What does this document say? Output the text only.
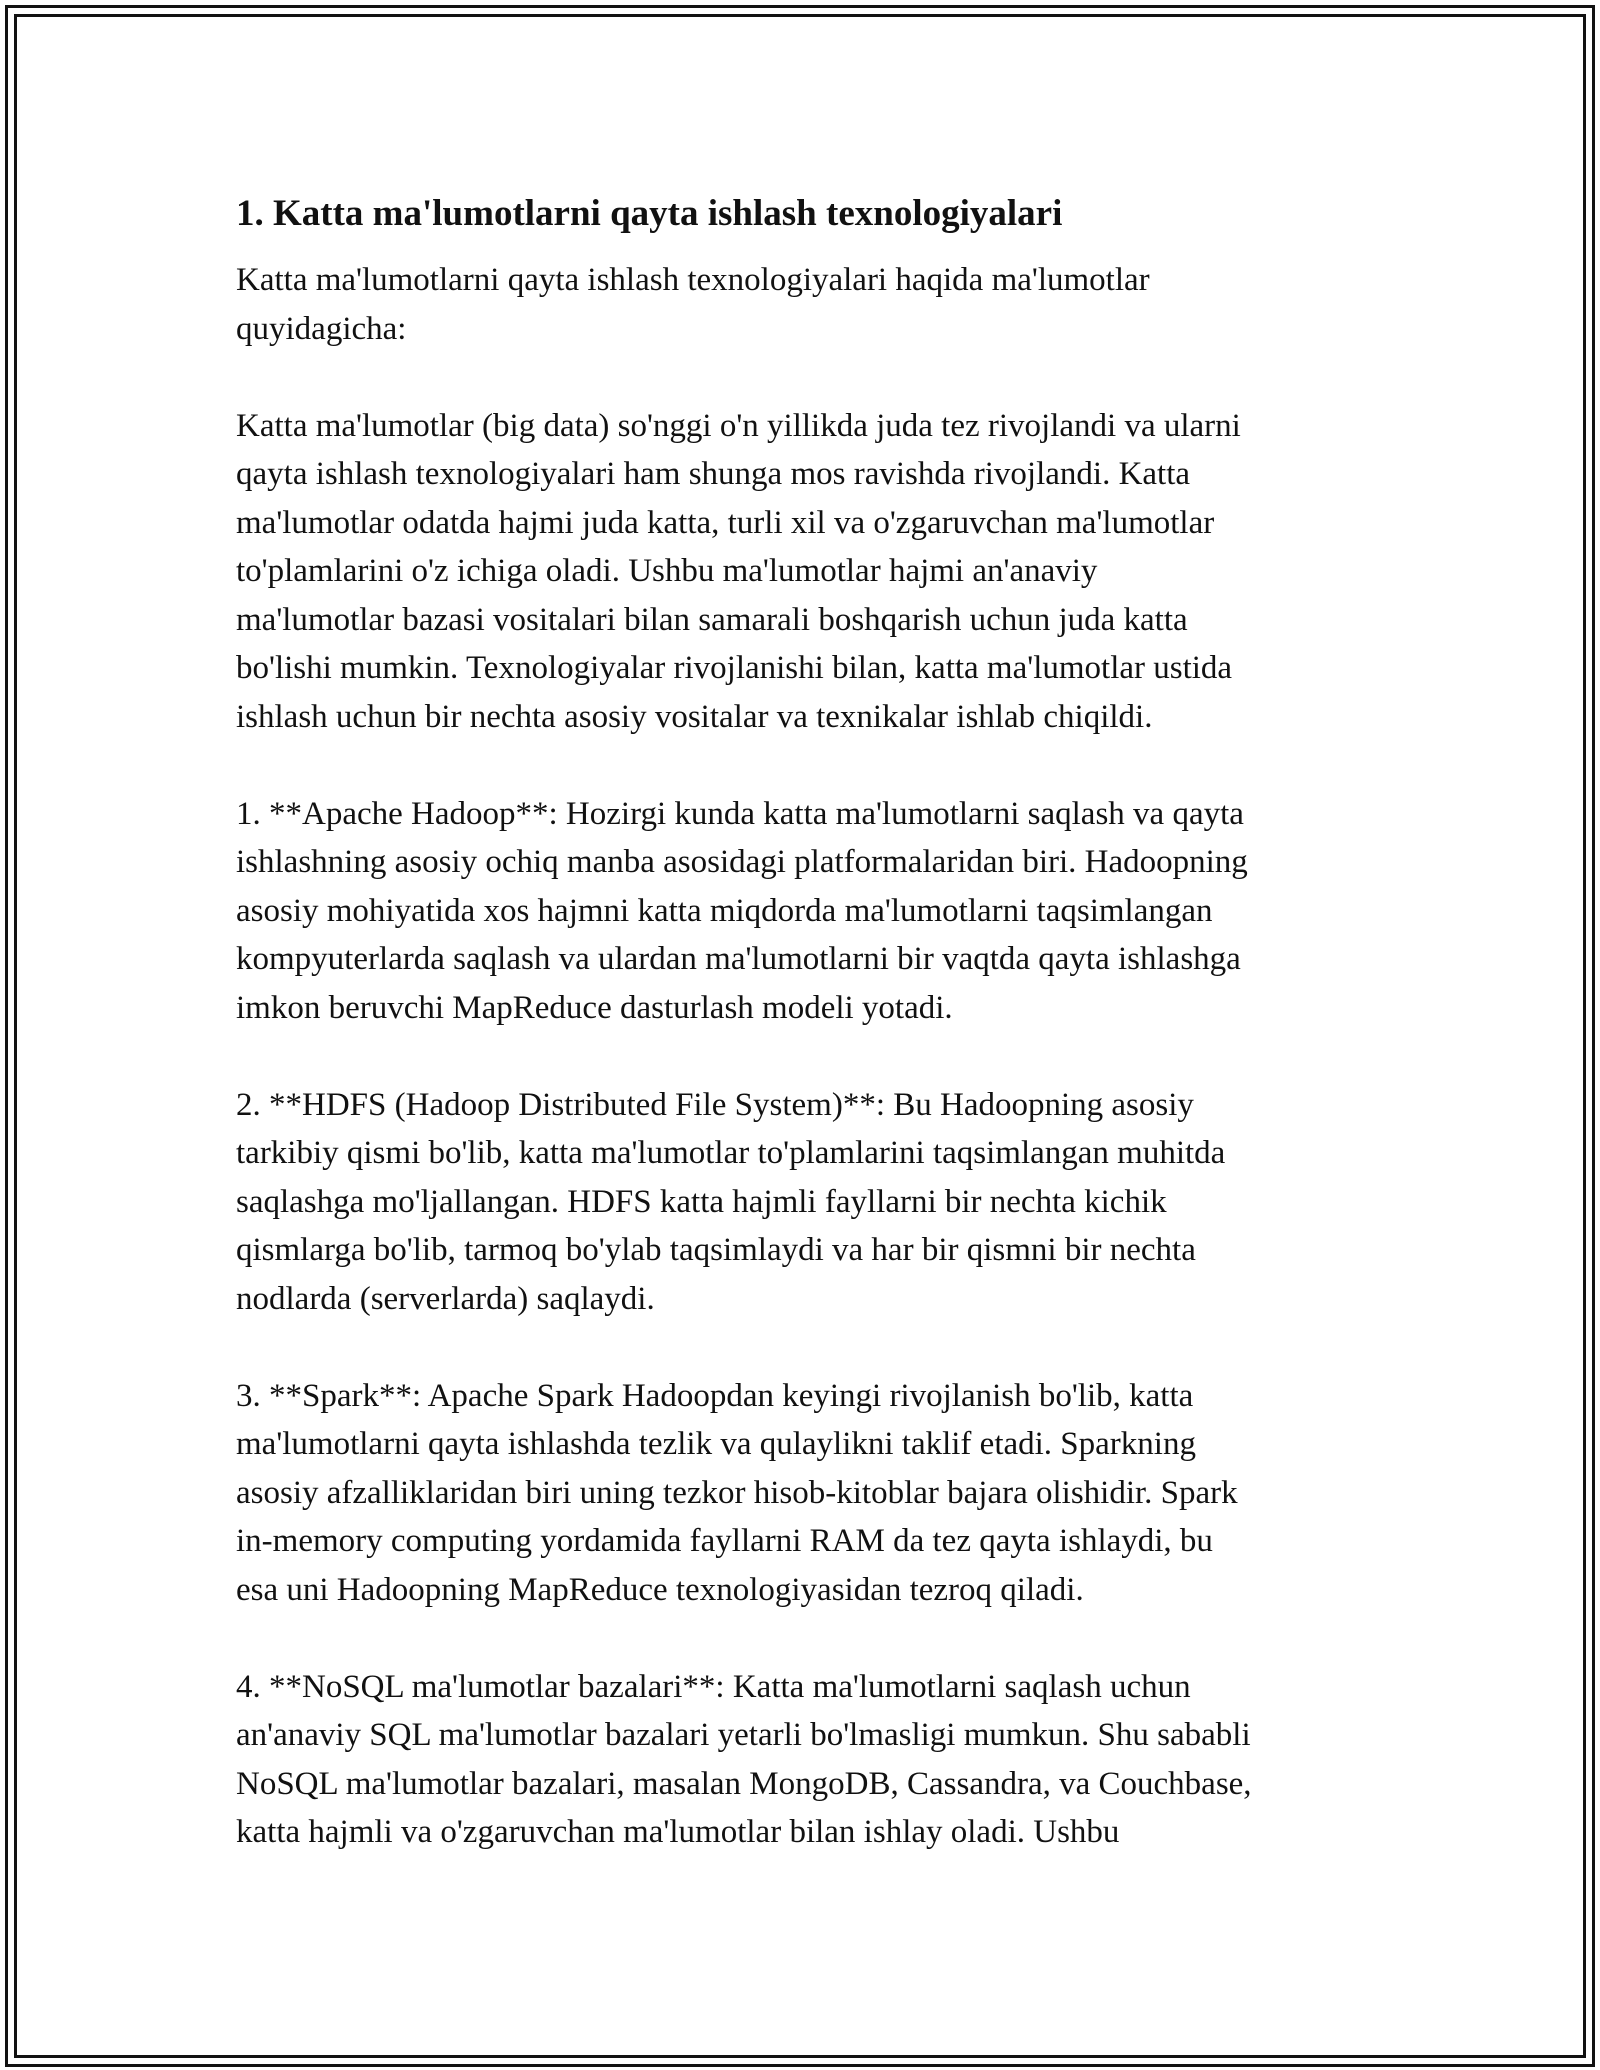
1. Katta ma'lumotlarni qayta ishlash texnologiyalari

Katta ma'lumotlarni qayta ishlash texnologiyalari haqida ma'lumotlar
quyidagicha:

Katta ma'lumotlar (big data) so'nggi o'n yillikda juda tez rivojlandi va ularni
qayta ishlash texnologiyalari ham shunga mos ravishda rivojlandi. Katta
ma'lumotlar odatda hajmi juda katta, turli xil va o'zgaruvchan ma'lumotlar
to'plamlarini o'z ichiga oladi. Ushbu ma'lumotlar hajmi an'anaviy
ma'lumotlar bazasi vositalari bilan samarali boshqarish uchun juda katta
bo'lishi mumkin. Texnologiyalar rivojlanishi bilan, katta ma'lumotlar ustida
ishlash uchun bir nechta asosiy vositalar va texnikalar ishlab chiqildi.

1. **Apache Hadoop**: Hozirgi kunda katta ma'lumotlarni saqlash va qayta
ishlashning asosiy ochiq manba asosidagi platformalaridan biri. Hadoopning
asosiy mohiyatida xos hajmni katta miqdorda ma'lumotlarni taqsimlangan
kompyuterlarda saqlash va ulardan ma'lumotlarni bir vaqtda qayta ishlashga
imkon beruvchi MapReduce dasturlash modeli yotadi.

2. **HDFS (Hadoop Distributed File System)**: Bu Hadoopning asosiy
tarkibiy qismi bo'lib, katta ma'lumotlar to'plamlarini taqsimlangan muhitda
saqlashga mo'ljallangan. HDFS katta hajmli fayllarni bir nechta kichik
qismlarga bo'lib, tarmoq bo'ylab taqsimlaydi va har bir qismni bir nechta
nodlarda (serverlarda) saqlaydi.

3. **Spark**: Apache Spark Hadoopdan keyingi rivojlanish bo'lib, katta
ma'lumotlarni qayta ishlashda tezlik va qulaylikni taklif etadi. Sparkning
asosiy afzalliklaridan biri uning tezkor hisob-kitoblar bajara olishidir. Spark
in-memory computing yordamida fayllarni RAM da tez qayta ishlaydi, bu
esa uni Hadoopning MapReduce texnologiyasidan tezroq qiladi.

4. **NoSQL ma'lumotlar bazalari**: Katta ma'lumotlarni saqlash uchun
an'anaviy SQL ma'lumotlar bazalari yetarli bo'lmasligi mumkun. Shu sababli
NoSQL ma'lumotlar bazalari, masalan MongoDB, Cassandra, va Couchbase,
katta hajmli va o'zgaruvchan ma'lumotlar bilan ishlay oladi. Ushbu
